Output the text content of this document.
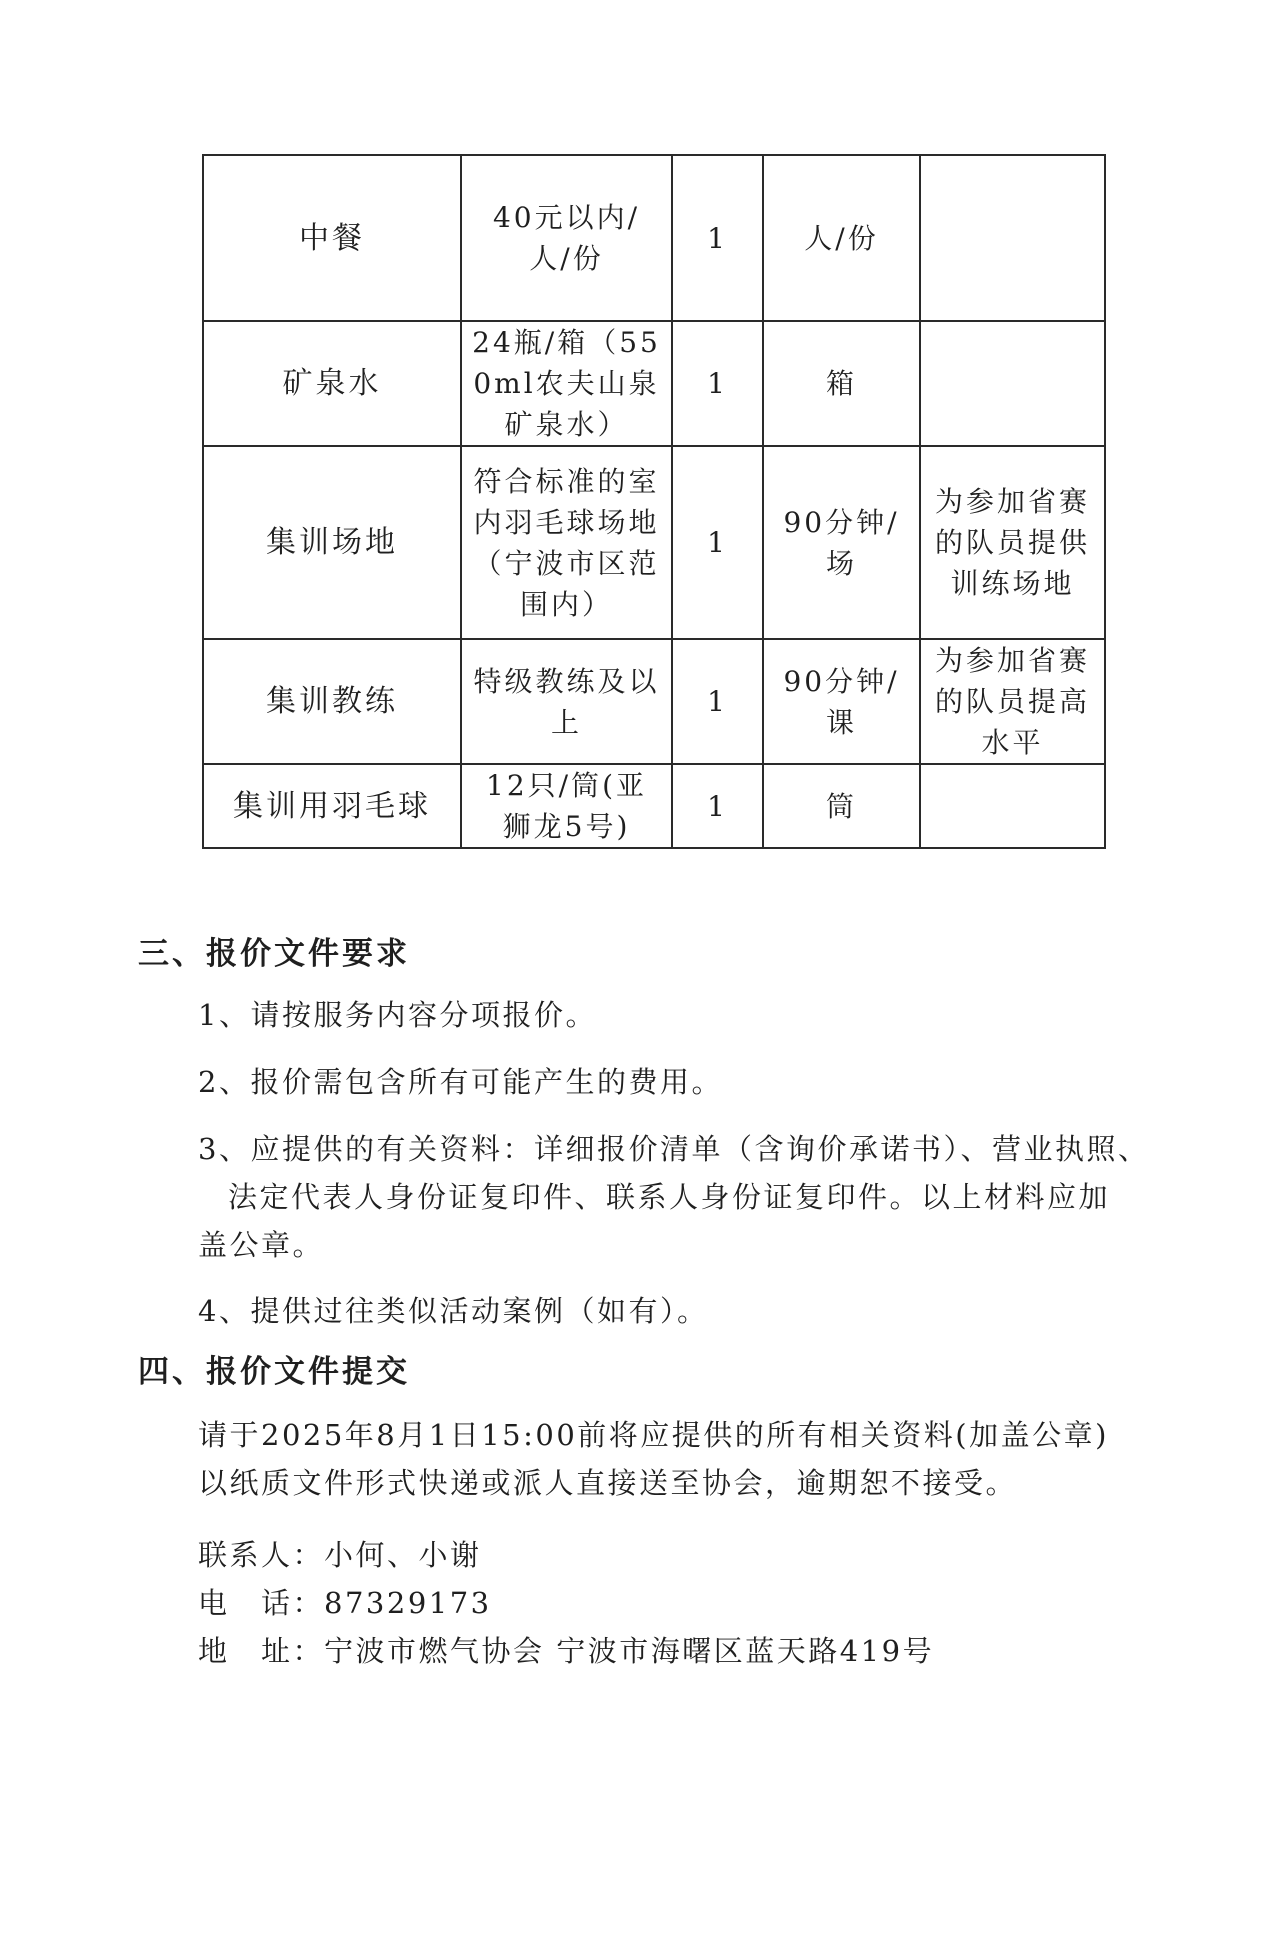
中餐	40元以内/人/份	1	人/份	
矿泉水	24瓶/箱（550ml农夫山泉矿泉水）	1	箱	
集训场地	符合标准的室内羽毛球场地（宁波市区范围内）	1	90分钟/场	为参加省赛的队员提供训练场地
集训教练	特级教练及以上	1	90分钟/课	为参加省赛的队员提高水平
集训用羽毛球	12只/筒(亚狮龙5号)	1	筒	
三、报价文件要求
1、请按服务内容分项报价。
2、报价需包含所有可能产生的费用。
3、应提供的有关资料：详细报价清单（含询价承诺书）、营业执照、
法定代表人身份证复印件、联系人身份证复印件。以上材料应加
盖公章。
4、提供过往类似活动案例（如有）。
四、报价文件提交
请于2025年8月1日15:00前将应提供的所有相关资料(加盖公章)
以纸质文件形式快递或派人直接送至协会，逾期恕不接受。
联系人：小何、小谢
电　话：87329173
地　址：宁波市燃气协会 宁波市海曙区蓝天路419号
